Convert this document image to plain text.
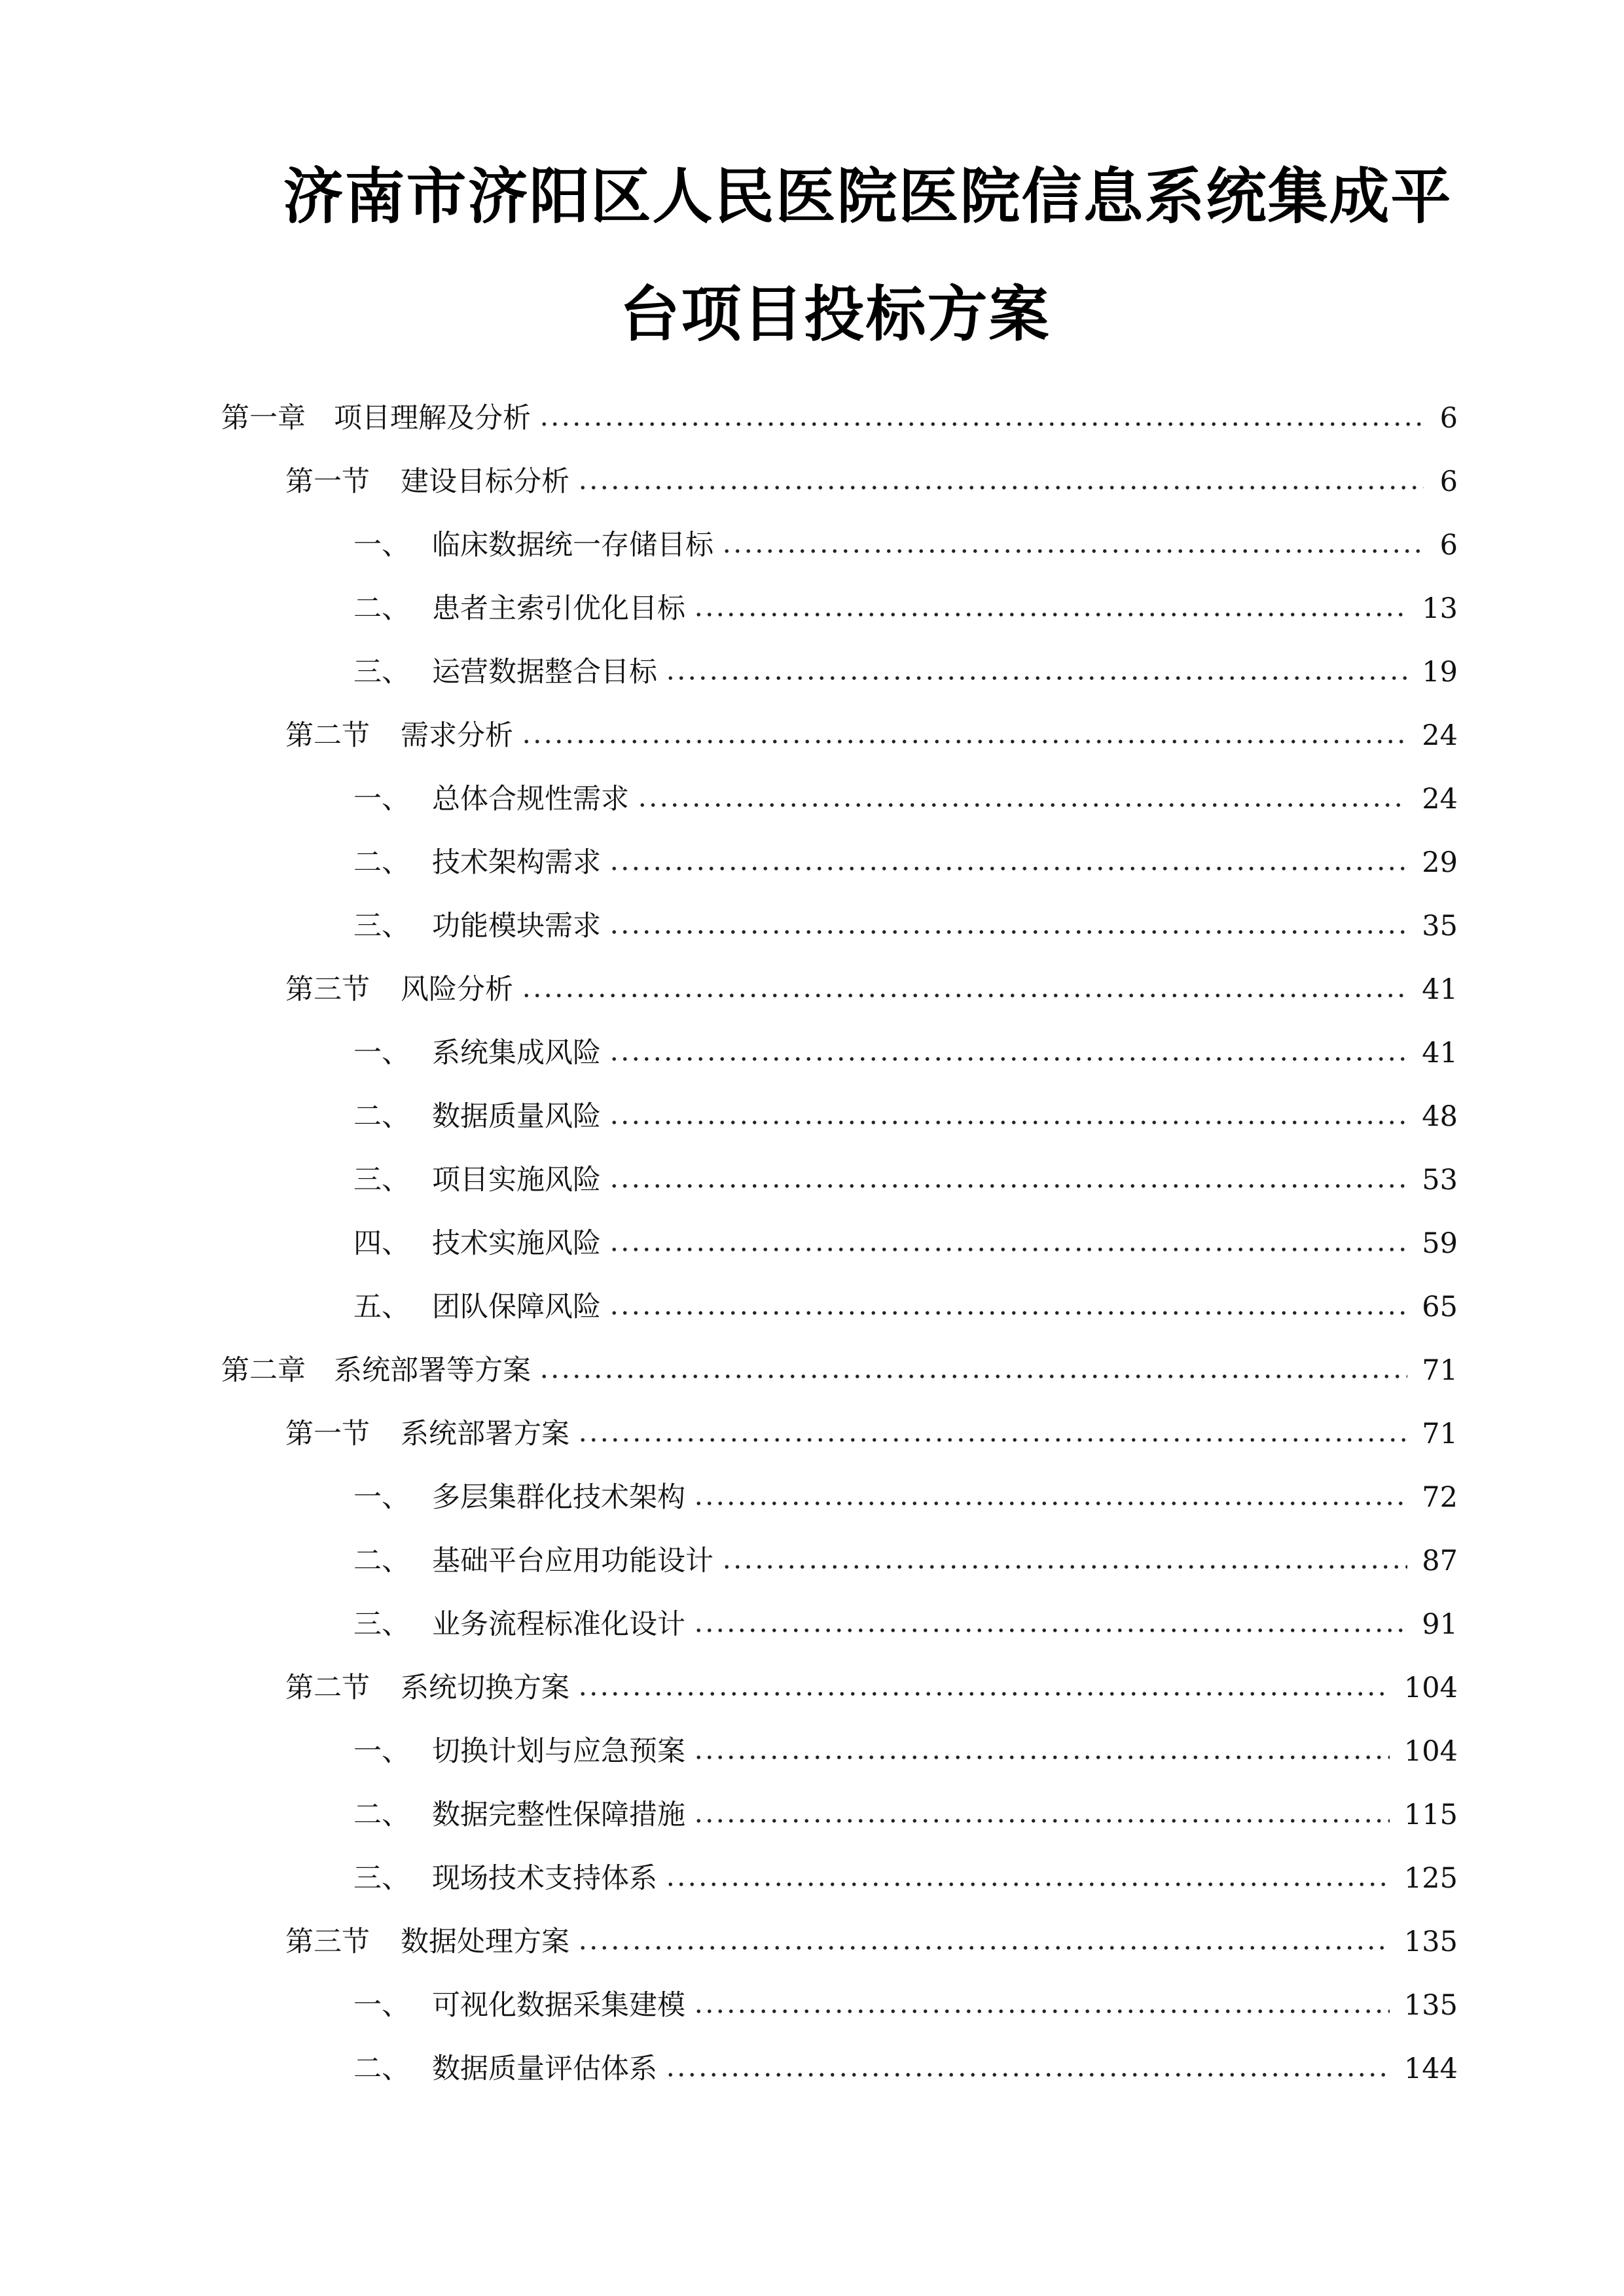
济南市济阳区人民医院医院信息系统集成平
台项目投标方案
第一章	项目理解及分析	6
第一节	建设目标分析	6
一、 临床数据统一存储目标	6
二、 患者主索引优化目标	13
三、 运营数据整合目标	19
第二节	需求分析	24
一、 总体合规性需求	24
二、 技术架构需求	29
三、 功能模块需求	35
第三节	风险分析	41
一、 系统集成风险	41
二、 数据质量风险	48
三、 项目实施风险	53
四、 技术实施风险	59
五、 团队保障风险	65
第二章	系统部署等方案	71
第一节	系统部署方案	71
一、 多层集群化技术架构	72
二、 基础平台应用功能设计	87
三、 业务流程标准化设计	91
第二节	系统切换方案	104
一、 切换计划与应急预案	104
二、 数据完整性保障措施	115
三、 现场技术支持体系	125
第三节	数据处理方案	135
一、 可视化数据采集建模	135
二、 数据质量评估体系	144
